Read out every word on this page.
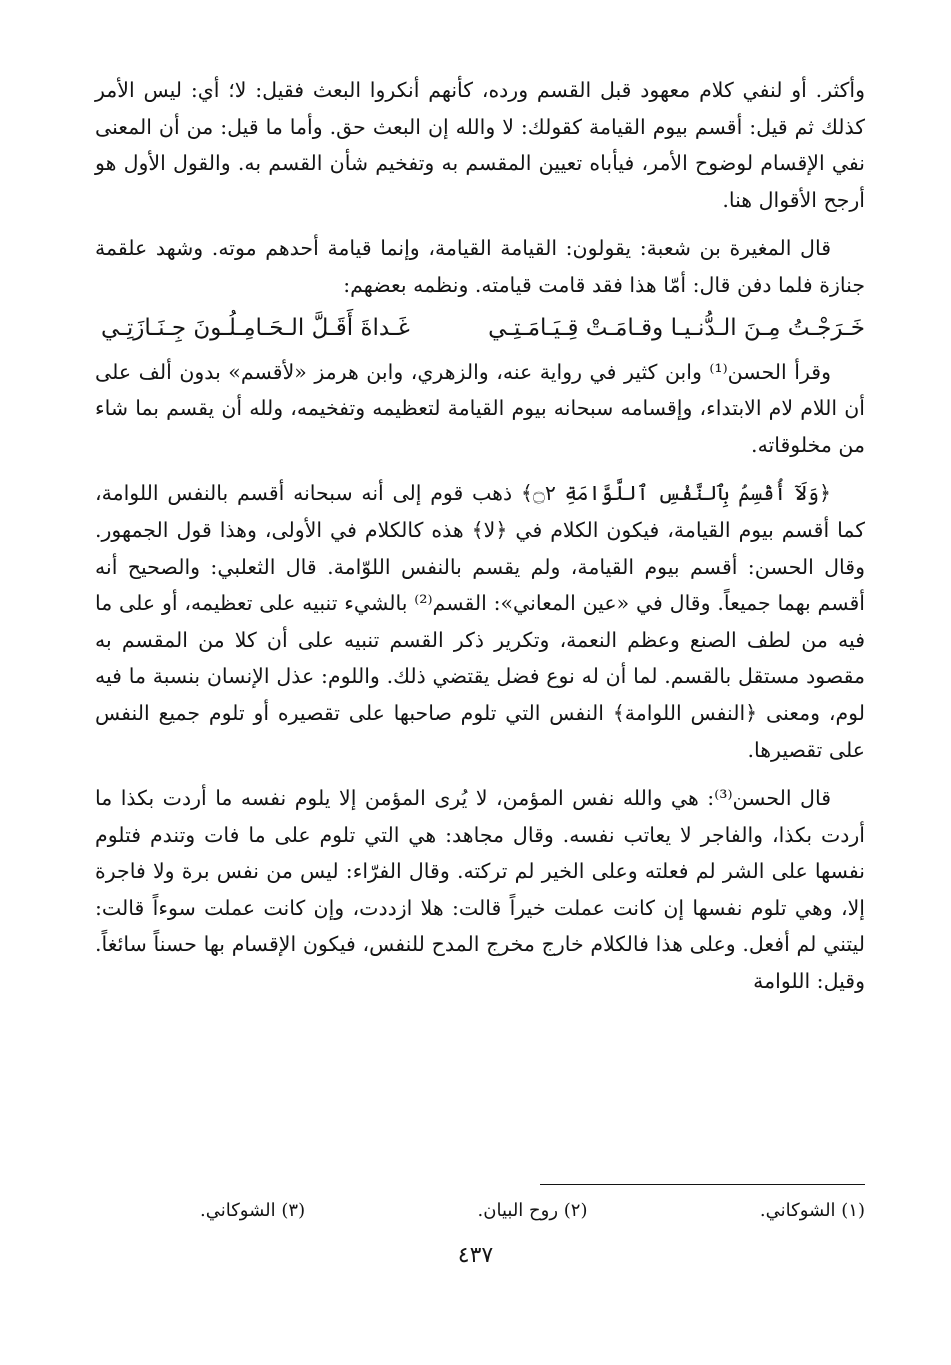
وأكثر. أو لنفي كلام معهود قبل القسم ورده، كأنهم أنكروا البعث فقيل: لا؛ أي: ليس الأمر كذلك ثم قيل: أقسم بيوم القيامة كقولك: لا والله إن البعث حق. وأما ما قيل: من أن المعنى نفي الإقسام لوضوح الأمر، فيأباه تعيين المقسم به وتفخيم شأن القسم به. والقول الأول هو أرجح الأقوال هنا.

قال المغيرة بن شعبة: يقولون: القيامة القيامة، وإنما قيامة أحدهم موته. وشهد علقمة جنازة فلما دفن قال: أمّا هذا فقد قامت قيامته. ونظمه بعضهم:

خَـرَجْـتُ مِـنَ الـدُّنـيـا وقـامَـتْ قِـيَـامَـتِـي
غَـداةَ أَقَـلَّ الـحَـامِـلُـونَ جِـنَـازَتِـي

وقرأ الحسن⁽¹⁾ وابن كثير في رواية عنه، والزهري، وابن هرمز «لأقسم» بدون ألف على أن اللام لام الابتداء، وإقسامه سبحانه بيوم القيامة لتعظيمه وتفخيمه، ولله أن يقسم بما شاء من مخلوقاته.

﴿وَلَآ أُقْسِمُ بِٱلنَّفْسِ ٱللَّوَّامَةِ ۝٢﴾ ذهب قوم إلى أنه سبحانه أقسم بالنفس اللوامة، كما أقسم بيوم القيامة، فيكون الكلام في ﴿لا﴾ هذه كالكلام في الأولى، وهذا قول الجمهور. وقال الحسن: أقسم بيوم القيامة، ولم يقسم بالنفس اللوّامة. قال الثعلبي: والصحيح أنه أقسم بهما جميعاً. وقال في «عين المعاني»: القسم⁽²⁾ بالشيء تنبيه على تعظيمه، أو على ما فيه من لطف الصنع وعظم النعمة، وتكرير ذكر القسم تنبيه على أن كلا من المقسم به مقصود مستقل بالقسم. لما أن له نوع فضل يقتضي ذلك. واللوم: عذل الإنسان بنسبة ما فيه لوم، ومعنى ﴿النفس اللوامة﴾ النفس التي تلوم صاحبها على تقصيره أو تلوم جميع النفس على تقصيرها.

قال الحسن⁽³⁾: هي والله نفس المؤمن، لا يُرى المؤمن إلا يلوم نفسه ما أردت بكذا ما أردت بكذا، والفاجر لا يعاتب نفسه. وقال مجاهد: هي التي تلوم على ما فات وتندم فتلوم نفسها على الشر لم فعلته وعلى الخير لم تركته. وقال الفرّاء: ليس من نفس برة ولا فاجرة إلا، وهي تلوم نفسها إن كانت عملت خيراً قالت: هلا ازددت، وإن كانت عملت سوءاً قالت: ليتني لم أفعل. وعلى هذا فالكلام خارج مخرج المدح للنفس، فيكون الإقسام بها حسناً سائغاً. وقيل: اللوامة

(١) الشوكاني.
(٢) روح البيان.
(٣) الشوكاني.
٤٣٧
